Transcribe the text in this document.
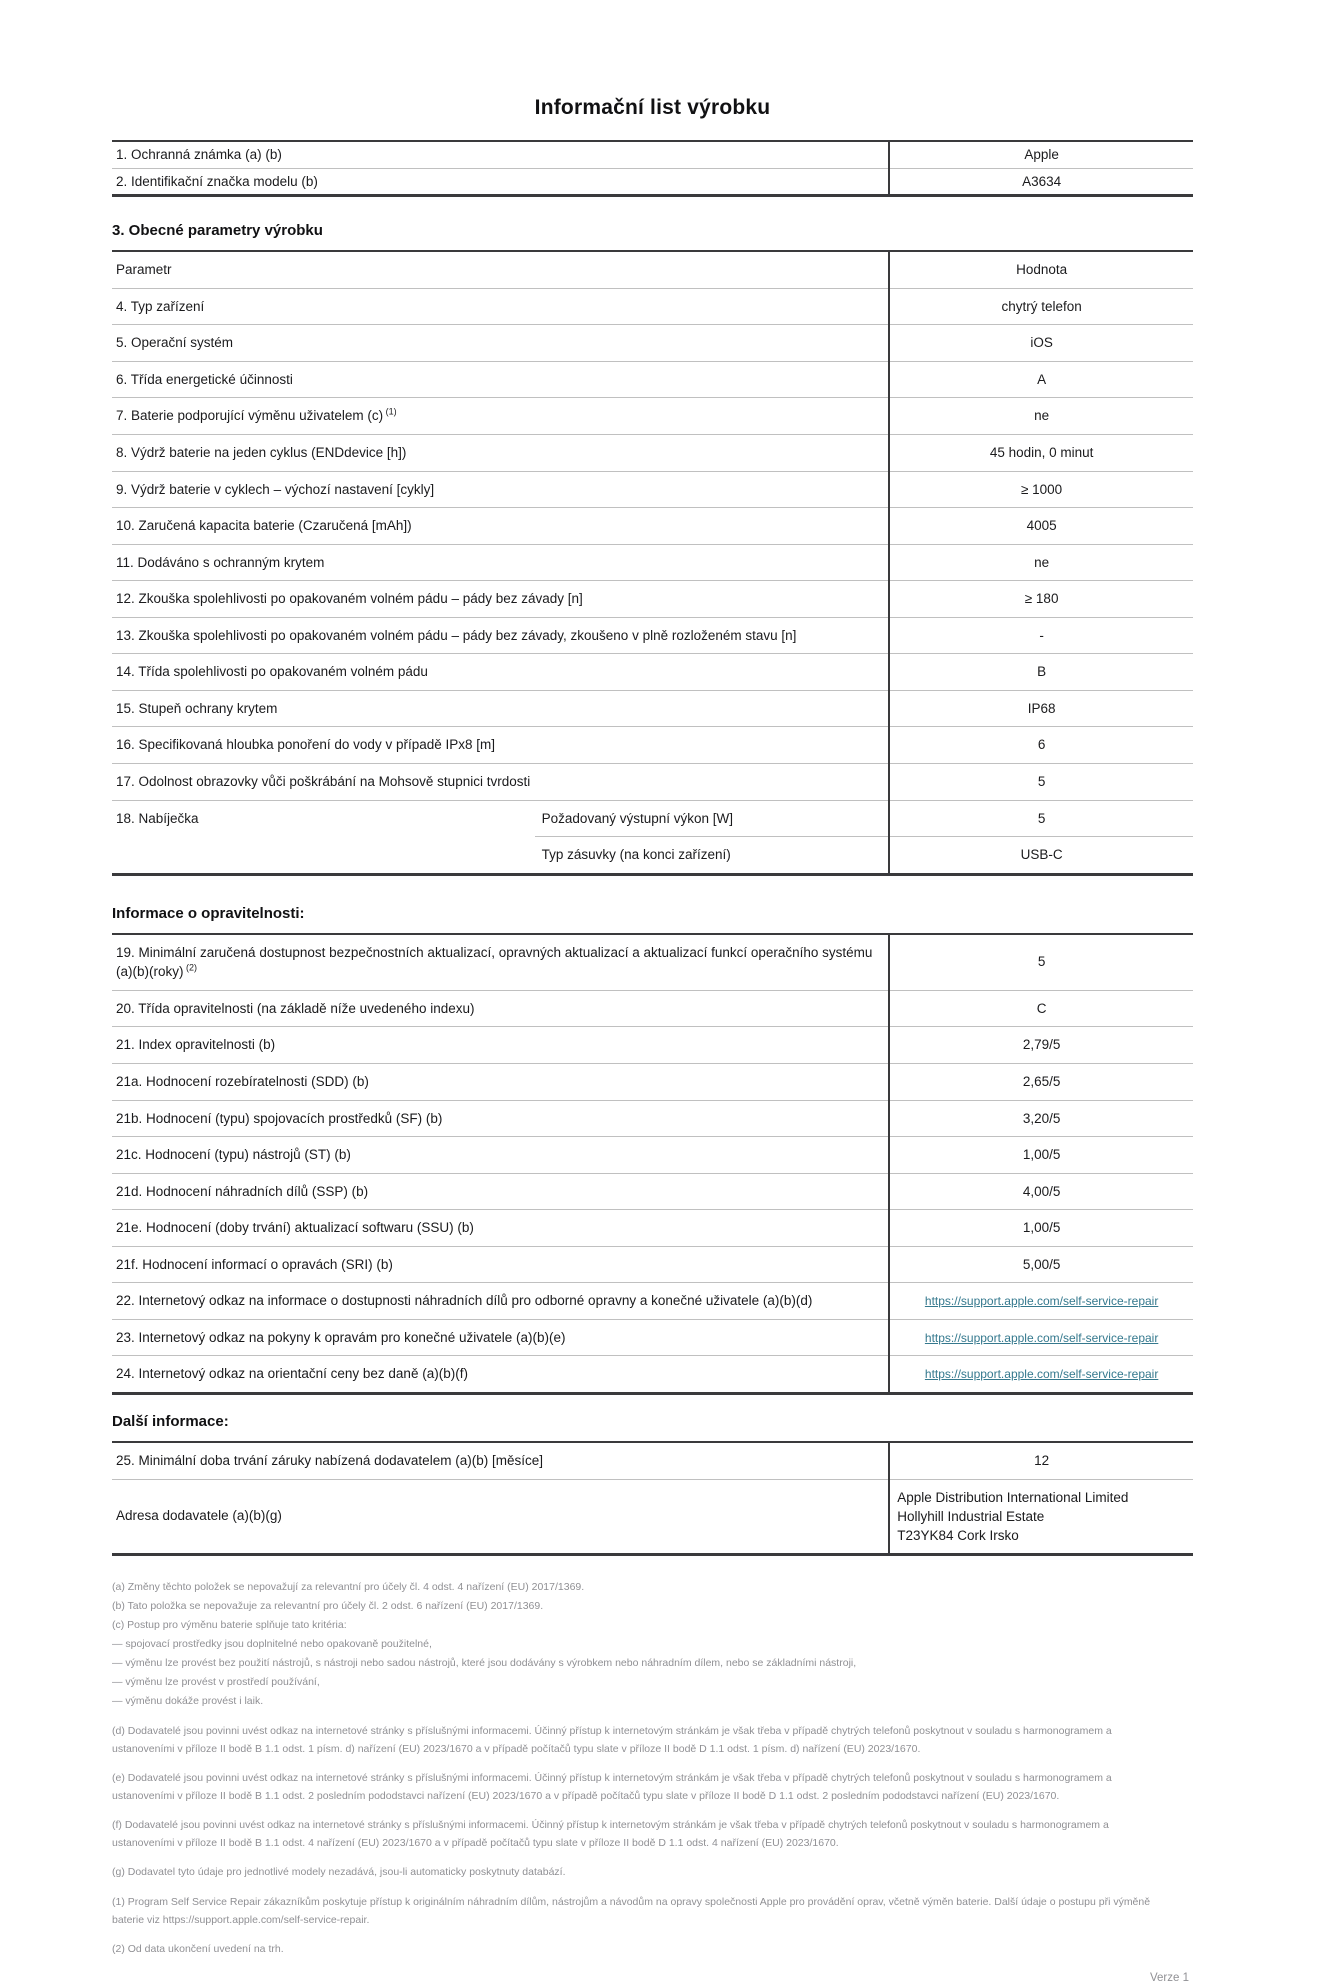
Informační list výrobku
1. Ochranná známka (a) (b)	Apple
2. Identifikační značka modelu (b)	A3634
3. Obecné parametry výrobku
Parametr		Hodnota
4. Typ zařízení		chytrý telefon
5. Operační systém		iOS
6. Třída energetické účinnosti		A
7. Baterie podporující výměnu uživatelem (c) $^{(1)}$		ne
8. Výdrž baterie na jeden cyklus (ENDdevice [h])		45 hodin, 0 minut
9. Výdrž baterie v cyklech – výchozí nastavení [cykly]		≥ 1000
10. Zaručená kapacita baterie (Czaručená [mAh])		4005
11. Dodáváno s ochranným krytem		ne
12. Zkouška spolehlivosti po opakovaném volném pádu – pády bez závady [n]		≥ 180
13. Zkouška spolehlivosti po opakovaném volném pádu – pády bez závady, zkoušeno v plně rozloženém stavu [n]		-
14. Třída spolehlivosti po opakovaném volném pádu		B
15. Stupeň ochrany krytem		IP68
16. Specifikovaná hloubka ponoření do vody v případě IPx8 [m]		6
17. Odolnost obrazovky vůči poškrábání na Mohsově stupnici tvrdosti		5
18. Nabíječka	Požadovaný výstupní výkon [W]	5
	Typ zásuvky (na konci zařízení)	USB-C
Informace o opravitelnosti:
19. Minimální zaručená dostupnost bezpečnostních aktualizací, opravných aktualizací a aktualizací funkcí operačního systému (a)(b)(roky) $^{(2)}$	5
20. Třída opravitelnosti (na základě níže uvedeného indexu)	C
21. Index opravitelnosti (b)	2,79/5
21a. Hodnocení rozebíratelnosti (SDD) (b)	2,65/5
21b. Hodnocení (typu) spojovacích prostředků (SF) (b)	3,20/5
21c. Hodnocení (typu) nástrojů (ST) (b)	1,00/5
21d. Hodnocení náhradních dílů (SSP) (b)	4,00/5
21e. Hodnocení (doby trvání) aktualizací softwaru (SSU) (b)	1,00/5
21f. Hodnocení informací o opravách (SRI) (b)	5,00/5
22. Internetový odkaz na informace o dostupnosti náhradních dílů pro odborné opravny a konečné uživatele (a)(b)(d)	https://support.apple.com/self-service-repair
23. Internetový odkaz na pokyny k opravám pro konečné uživatele (a)(b)(e)	https://support.apple.com/self-service-repair
24. Internetový odkaz na orientační ceny bez daně (a)(b)(f)	https://support.apple.com/self-service-repair
Další informace:
25. Minimální doba trvání záruky nabízená dodavatelem (a)(b) [měsíce]	12
Adresa dodavatele (a)(b)(g)	Apple Distribution International Limited
Hollyhill Industrial Estate
T23YK84 Cork Irsko

(a) Změny těchto položek se nepovažují za relevantní pro účely čl. 4 odst. 4 nařízení (EU) 2017/1369.

(b) Tato položka se nepovažuje za relevantní pro účely čl. 2 odst. 6 nařízení (EU) 2017/1369.

(c) Postup pro výměnu baterie splňuje tato kritéria:

— spojovací prostředky jsou doplnitelné nebo opakovaně použitelné,

— výměnu lze provést bez použití nástrojů, s nástroji nebo sadou nástrojů, které jsou dodávány s výrobkem nebo náhradním dílem, nebo se základními nástroji,

— výměnu lze provést v prostředí používání,

— výměnu dokáže provést i laik.

(d) Dodavatelé jsou povinni uvést odkaz na internetové stránky s příslušnými informacemi. Účinný přístup k internetovým stránkám je však třeba v případě chytrých telefonů poskytnout v souladu s harmonogramem a ustanoveními v příloze II bodě B 1.1 odst. 1 písm. d) nařízení (EU) 2023/1670 a v případě počítačů typu slate v příloze II bodě D 1.1 odst. 1 písm. d) nařízení (EU) 2023/1670.

(e) Dodavatelé jsou povinni uvést odkaz na internetové stránky s příslušnými informacemi. Účinný přístup k internetovým stránkám je však třeba v případě chytrých telefonů poskytnout v souladu s harmonogramem a ustanoveními v příloze II bodě B 1.1 odst. 2 posledním pododstavci nařízení (EU) 2023/1670 a v případě počítačů typu slate v příloze II bodě D 1.1 odst. 2 posledním pododstavci nařízení (EU) 2023/1670.

(f) Dodavatelé jsou povinni uvést odkaz na internetové stránky s příslušnými informacemi. Účinný přístup k internetovým stránkám je však třeba v případě chytrých telefonů poskytnout v souladu s harmonogramem a ustanoveními v příloze II bodě B 1.1 odst. 4 nařízení (EU) 2023/1670 a v případě počítačů typu slate v příloze II bodě D 1.1 odst. 4 nařízení (EU) 2023/1670.

(g) Dodavatel tyto údaje pro jednotlivé modely nezadává, jsou-li automaticky poskytnuty databází.

(1) Program Self Service Repair zákazníkům poskytuje přístup k originálním náhradním dílům, nástrojům a návodům na opravy společnosti Apple pro provádění oprav, včetně výměn baterie. Další údaje o postupu při výměně baterie viz https://support.apple.com/self-service-repair.

(2) Od data ukončení uvedení na trh.

Verze 1
